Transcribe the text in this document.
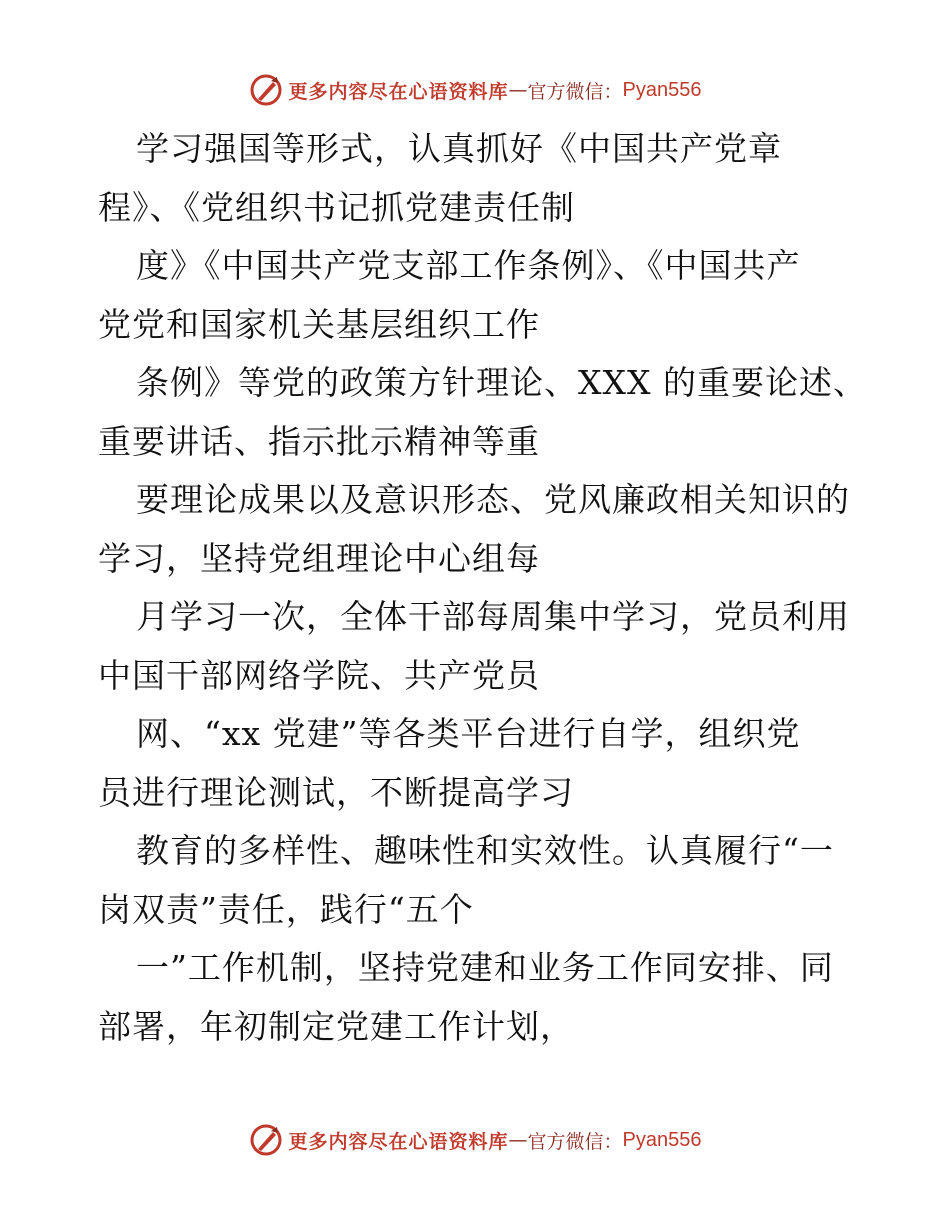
更多内容尽在心语资料库 — 官方微信： Pyan556
学习强国等形式，认真抓好《中国共产党章
程》、《党组织书记抓党建责任制
度》《中国共产党支部工作条例》、《中国共产
党党和国家机关基层组织工作
条例》等党的政策方针理论、XXX 的重要论述、
重要讲话、指示批示精神等重
要理论成果以及意识形态、党风廉政相关知识的
学习，坚持党组理论中心组每
月学习一次，全体干部每周集中学习，党员利用
中国干部网络学院、共产党员
网、“xx 党建”等各类平台进行自学，组织党
员进行理论测试，不断提高学习
教育的多样性、趣味性和实效性。认真履行“一
岗双责”责任，践行“五个
一”工作机制，坚持党建和业务工作同安排、同
部署，年初制定党建工作计划，
更多内容尽在心语资料库 — 官方微信： Pyan556
